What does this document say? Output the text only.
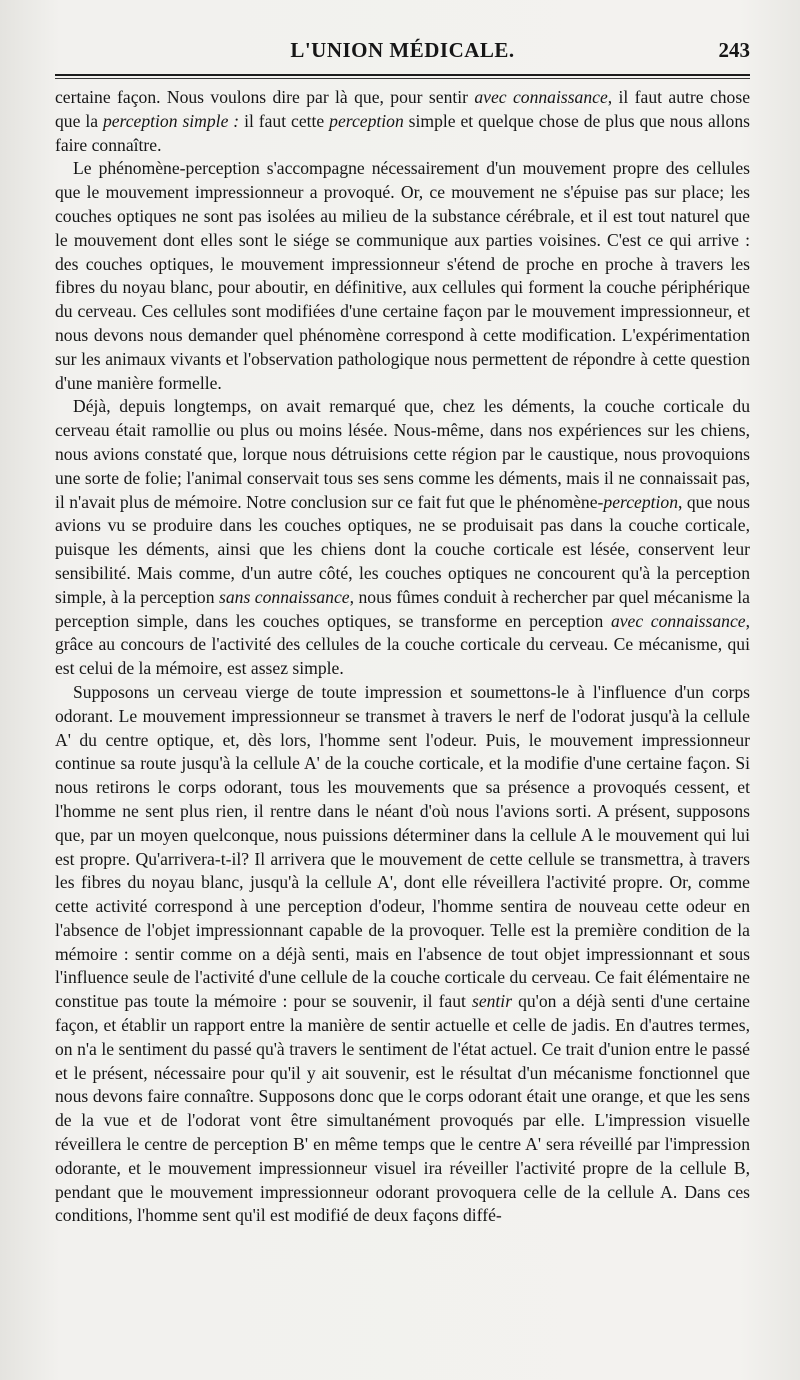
L'UNION MÉDICALE.	243

certaine façon. Nous voulons dire par là que, pour sentir avec connaissance, il faut autre chose que la perception simple : il faut cette perception simple et quelque chose de plus que nous allons faire connaître.

Le phénomène-perception s'accompagne nécessairement d'un mouvement propre des cellules que le mouvement impressionneur a provoqué. Or, ce mouvement ne s'épuise pas sur place; les couches optiques ne sont pas isolées au milieu de la substance cérébrale, et il est tout naturel que le mouvement dont elles sont le siége se communique aux parties voisines. C'est ce qui arrive : des couches optiques, le mouvement impressionneur s'étend de proche en proche à travers les fibres du noyau blanc, pour aboutir, en définitive, aux cellules qui forment la couche périphérique du cerveau. Ces cellules sont modifiées d'une certaine façon par le mouvement impressionneur, et nous devons nous demander quel phénomène correspond à cette modification. L'expérimentation sur les animaux vivants et l'observation pathologique nous permettent de répondre à cette question d'une manière formelle.

Déjà, depuis longtemps, on avait remarqué que, chez les déments, la couche corticale du cerveau était ramollie ou plus ou moins lésée. Nous-même, dans nos expériences sur les chiens, nous avions constaté que, lorque nous détruisions cette région par le caustique, nous provoquions une sorte de folie; l'animal conservait tous ses sens comme les déments, mais il ne connaissait pas, il n'avait plus de mémoire. Notre conclusion sur ce fait fut que le phénomène-perception, que nous avions vu se produire dans les couches optiques, ne se produisait pas dans la couche corticale, puisque les déments, ainsi que les chiens dont la couche corticale est lésée, conservent leur sensibilité. Mais comme, d'un autre côté, les couches optiques ne concourent qu'à la perception simple, à la perception sans connaissance, nous fûmes conduit à rechercher par quel mécanisme la perception simple, dans les couches optiques, se transforme en perception avec connaissance, grâce au concours de l'activité des cellules de la couche corticale du cerveau. Ce mécanisme, qui est celui de la mémoire, est assez simple.

Supposons un cerveau vierge de toute impression et soumettons-le à l'influence d'un corps odorant. Le mouvement impressionneur se transmet à travers le nerf de l'odorat jusqu'à la cellule A' du centre optique, et, dès lors, l'homme sent l'odeur. Puis, le mouvement impressionneur continue sa route jusqu'à la cellule A' de la couche corticale, et la modifie d'une certaine façon. Si nous retirons le corps odorant, tous les mouvements que sa présence a provoqués cessent, et l'homme ne sent plus rien, il rentre dans le néant d'où nous l'avions sorti. A présent, supposons que, par un moyen quelconque, nous puissions déterminer dans la cellule A le mouvement qui lui est propre. Qu'arrivera-t-il? Il arrivera que le mouvement de cette cellule se transmettra, à travers les fibres du noyau blanc, jusqu'à la cellule A', dont elle réveillera l'activité propre. Or, comme cette activité correspond à une perception d'odeur, l'homme sentira de nouveau cette odeur en l'absence de l'objet impressionnant capable de la provoquer. Telle est la première condition de la mémoire : sentir comme on a déjà senti, mais en l'absence de tout objet impressionnant et sous l'influence seule de l'activité d'une cellule de la couche corticale du cerveau. Ce fait élémentaire ne constitue pas toute la mémoire : pour se souvenir, il faut sentir qu'on a déjà senti d'une certaine façon, et établir un rapport entre la manière de sentir actuelle et celle de jadis. En d'autres termes, on n'a le sentiment du passé qu'à travers le sentiment de l'état actuel. Ce trait d'union entre le passé et le présent, nécessaire pour qu'il y ait souvenir, est le résultat d'un mécanisme fonctionnel que nous devons faire connaître. Supposons donc que le corps odorant était une orange, et que les sens de la vue et de l'odorat vont être simultanément provoqués par elle. L'impression visuelle réveillera le centre de perception B' en même temps que le centre A' sera réveillé par l'impression odorante, et le mouvement impressionneur visuel ira réveiller l'activité propre de la cellule B, pendant que le mouvement impressionneur odorant provoquera celle de la cellule A. Dans ces conditions, l'homme sent qu'il est modifié de deux façons diffé-
